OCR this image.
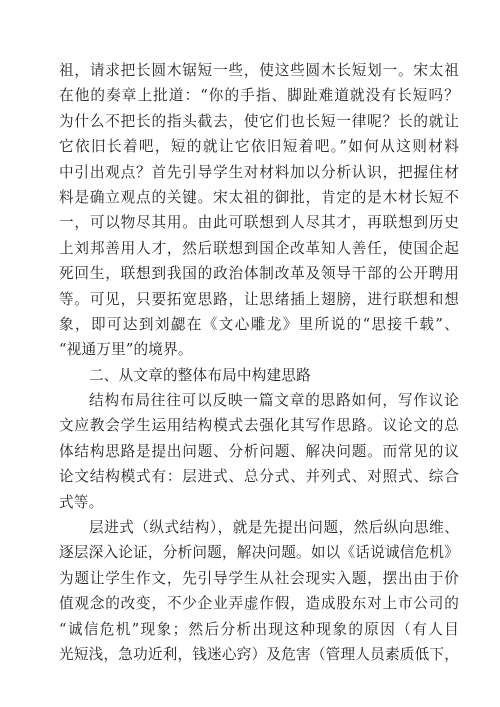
祖，请求把长圆木锯短一些，使这些圆木长短划一。宋太祖
在他的奏章上批道：“你的手指、脚趾难道就没有长短吗？
为什么不把长的指头截去，使它们也长短一律呢？长的就让
它依旧长着吧，短的就让它依旧短着吧。”如何从这则材料
中引出观点？首先引导学生对材料加以分析认识，把握住材
料是确立观点的关键。宋太祖的御批，肯定的是木材长短不
一，可以物尽其用。由此可联想到人尽其才，再联想到历史
上刘邦善用人才，然后联想到国企改革知人善任，使国企起
死回生，联想到我国的政治体制改革及领导干部的公开聘用
等。可见，只要拓宽思路，让思绪插上翅膀，进行联想和想
象，即可达到刘勰在《文心雕龙》里所说的“思接千载”、
“视通万里”的境界。
二、从文章的整体布局中构建思路
结构布局往往可以反映一篇文章的思路如何，写作议论
文应教会学生运用结构模式去强化其写作思路。议论文的总
体结构思路是提出问题、分析问题、解决问题。而常见的议
论文结构模式有：层进式、总分式、并列式、对照式、综合
式等。
层进式（纵式结构），就是先提出问题，然后纵向思维、
逐层深入论证，分析问题，解决问题。如以《话说诚信危机》
为题让学生作文，先引导学生从社会现实入题，摆出由于价
值观念的改变，不少企业弄虚作假，造成股东对上市公司的
“诚信危机”现象；然后分析出现这种现象的原因（有人目
光短浅，急功近利，钱迷心窍）及危害（管理人员素质低下，
